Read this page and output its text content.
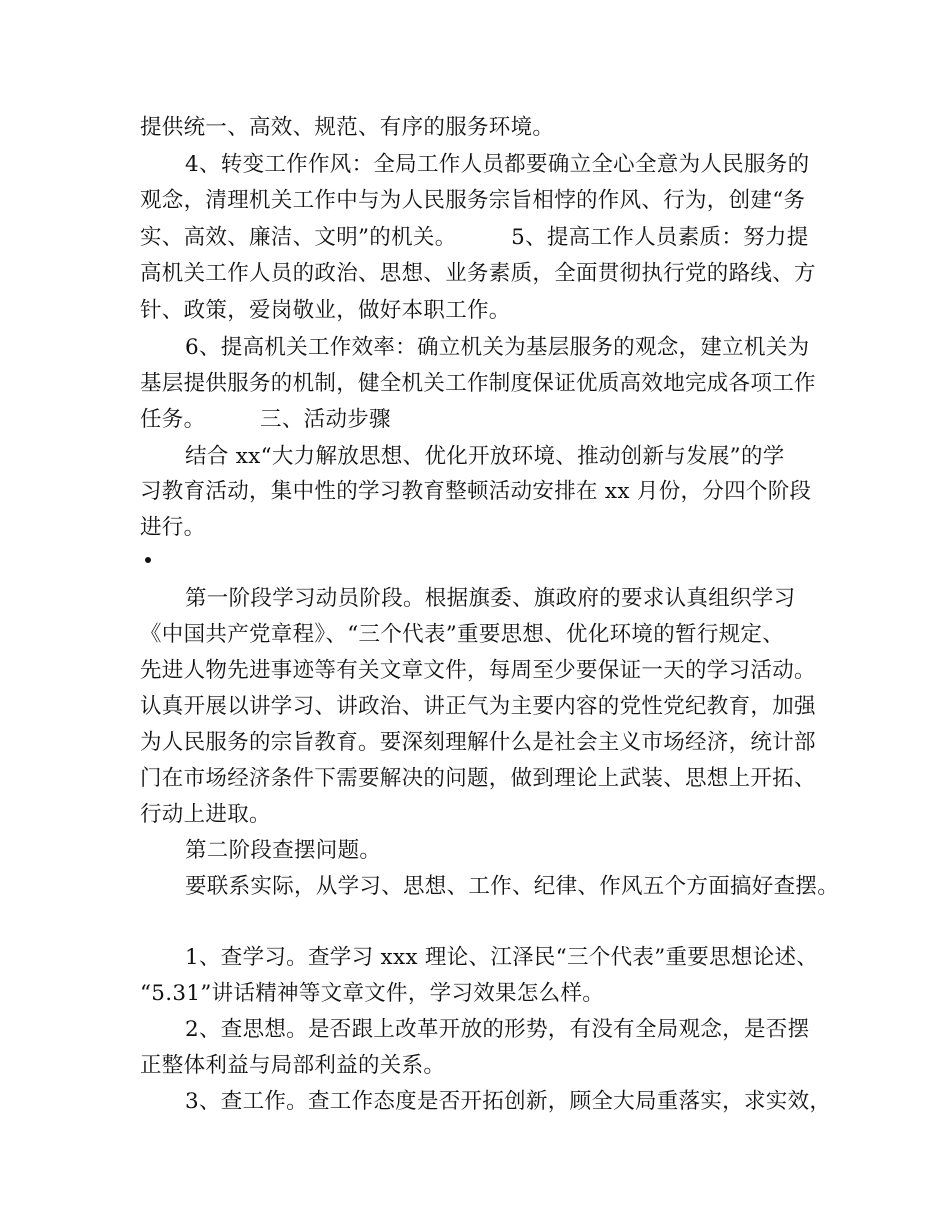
提供统一、高效、规范、有序的服务环境。
4、转变工作作风：全局工作人员都要确立全心全意为人民服务的
观念，清理机关工作中与为人民服务宗旨相悖的作风、行为，创建“务
实、高效、廉洁、文明”的机关。　　　5、提高工作人员素质：努力提
高机关工作人员的政治、思想、业务素质，全面贯彻执行党的路线、方
针、政策，爱岗敬业，做好本职工作。
6、提高机关工作效率：确立机关为基层服务的观念，建立机关为
基层提供服务的机制，健全机关工作制度保证优质高效地完成各项工作
任务。　　　三、活动步骤
结合 xx“大力解放思想、优化开放环境、推动创新与发展”的学
习教育活动，集中性的学习教育整顿活动安排在 xx 月份，分四个阶段
进行。
第一阶段学习动员阶段。根据旗委、旗政府的要求认真组织学习
《中国共产党章程》、“三个代表”重要思想、优化环境的暂行规定、
先进人物先进事迹等有关文章文件，每周至少要保证一天的学习活动。
认真开展以讲学习、讲政治、讲正气为主要内容的党性党纪教育，加强
为人民服务的宗旨教育。要深刻理解什么是社会主义市场经济，统计部
门在市场经济条件下需要解决的问题，做到理论上武装、思想上开拓、
行动上进取。
第二阶段查摆问题。
要联系实际，从学习、思想、工作、纪律、作风五个方面搞好查摆。
1、查学习。查学习 xxx 理论、江泽民“三个代表”重要思想论述、
“5.31”讲话精神等文章文件，学习效果怎么样。
2、查思想。是否跟上改革开放的形势，有没有全局观念，是否摆
正整体利益与局部利益的关系。
3、查工作。查工作态度是否开拓创新，顾全大局重落实，求实效，
